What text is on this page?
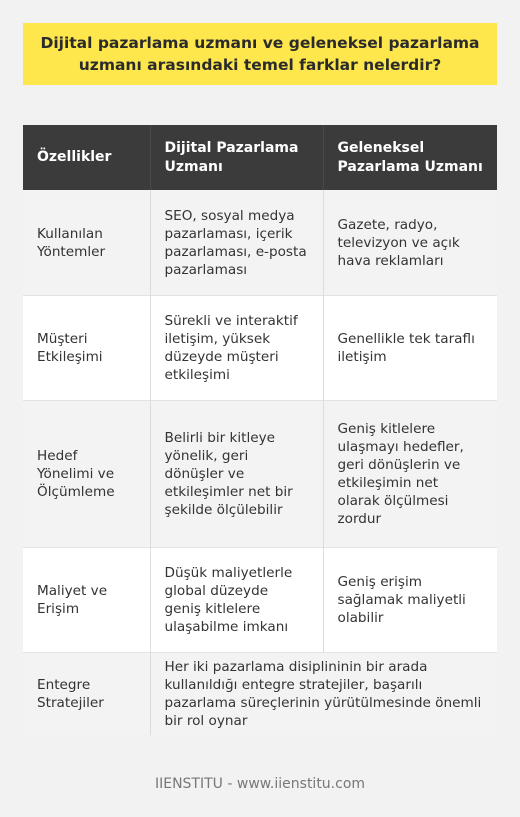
Dijital pazarlama uzmanı ve geleneksel pazarlama uzmanı arasındaki temel farklar nelerdir?
Özellikler	Dijital Pazarlama Uzmanı	Geleneksel Pazarlama Uzmanı
Kullanılan Yöntemler	SEO, sosyal medya pazarlaması, içerik pazarlaması, e-posta pazarlaması	Gazete, radyo, televizyon ve açık hava reklamları
Müşteri Etkileşimi	Sürekli ve interaktif iletişim, yüksek düzeyde müşteri etkileşimi	Genellikle tek taraflı iletişim
Hedef Yönelimi ve Ölçümleme	Belirli bir kitleye yönelik, geri dönüşler ve etkileşimler net bir şekilde ölçülebilir	Geniş kitlelere ulaşmayı hedefler, geri dönüşlerin ve etkileşimin net olarak ölçülmesi zordur
Maliyet ve Erişim	Düşük maliyetlerle global düzeyde geniş kitlelere ulaşabilme imkanı	Geniş erişim sağlamak maliyetli olabilir
Entegre Stratejiler	Her iki pazarlama disiplininin bir arada kullanıldığı entegre stratejiler, başarılı pazarlama süreçlerinin yürütülmesinde önemli bir rol oynar	
IIENSTITU - www.iienstitu.com
